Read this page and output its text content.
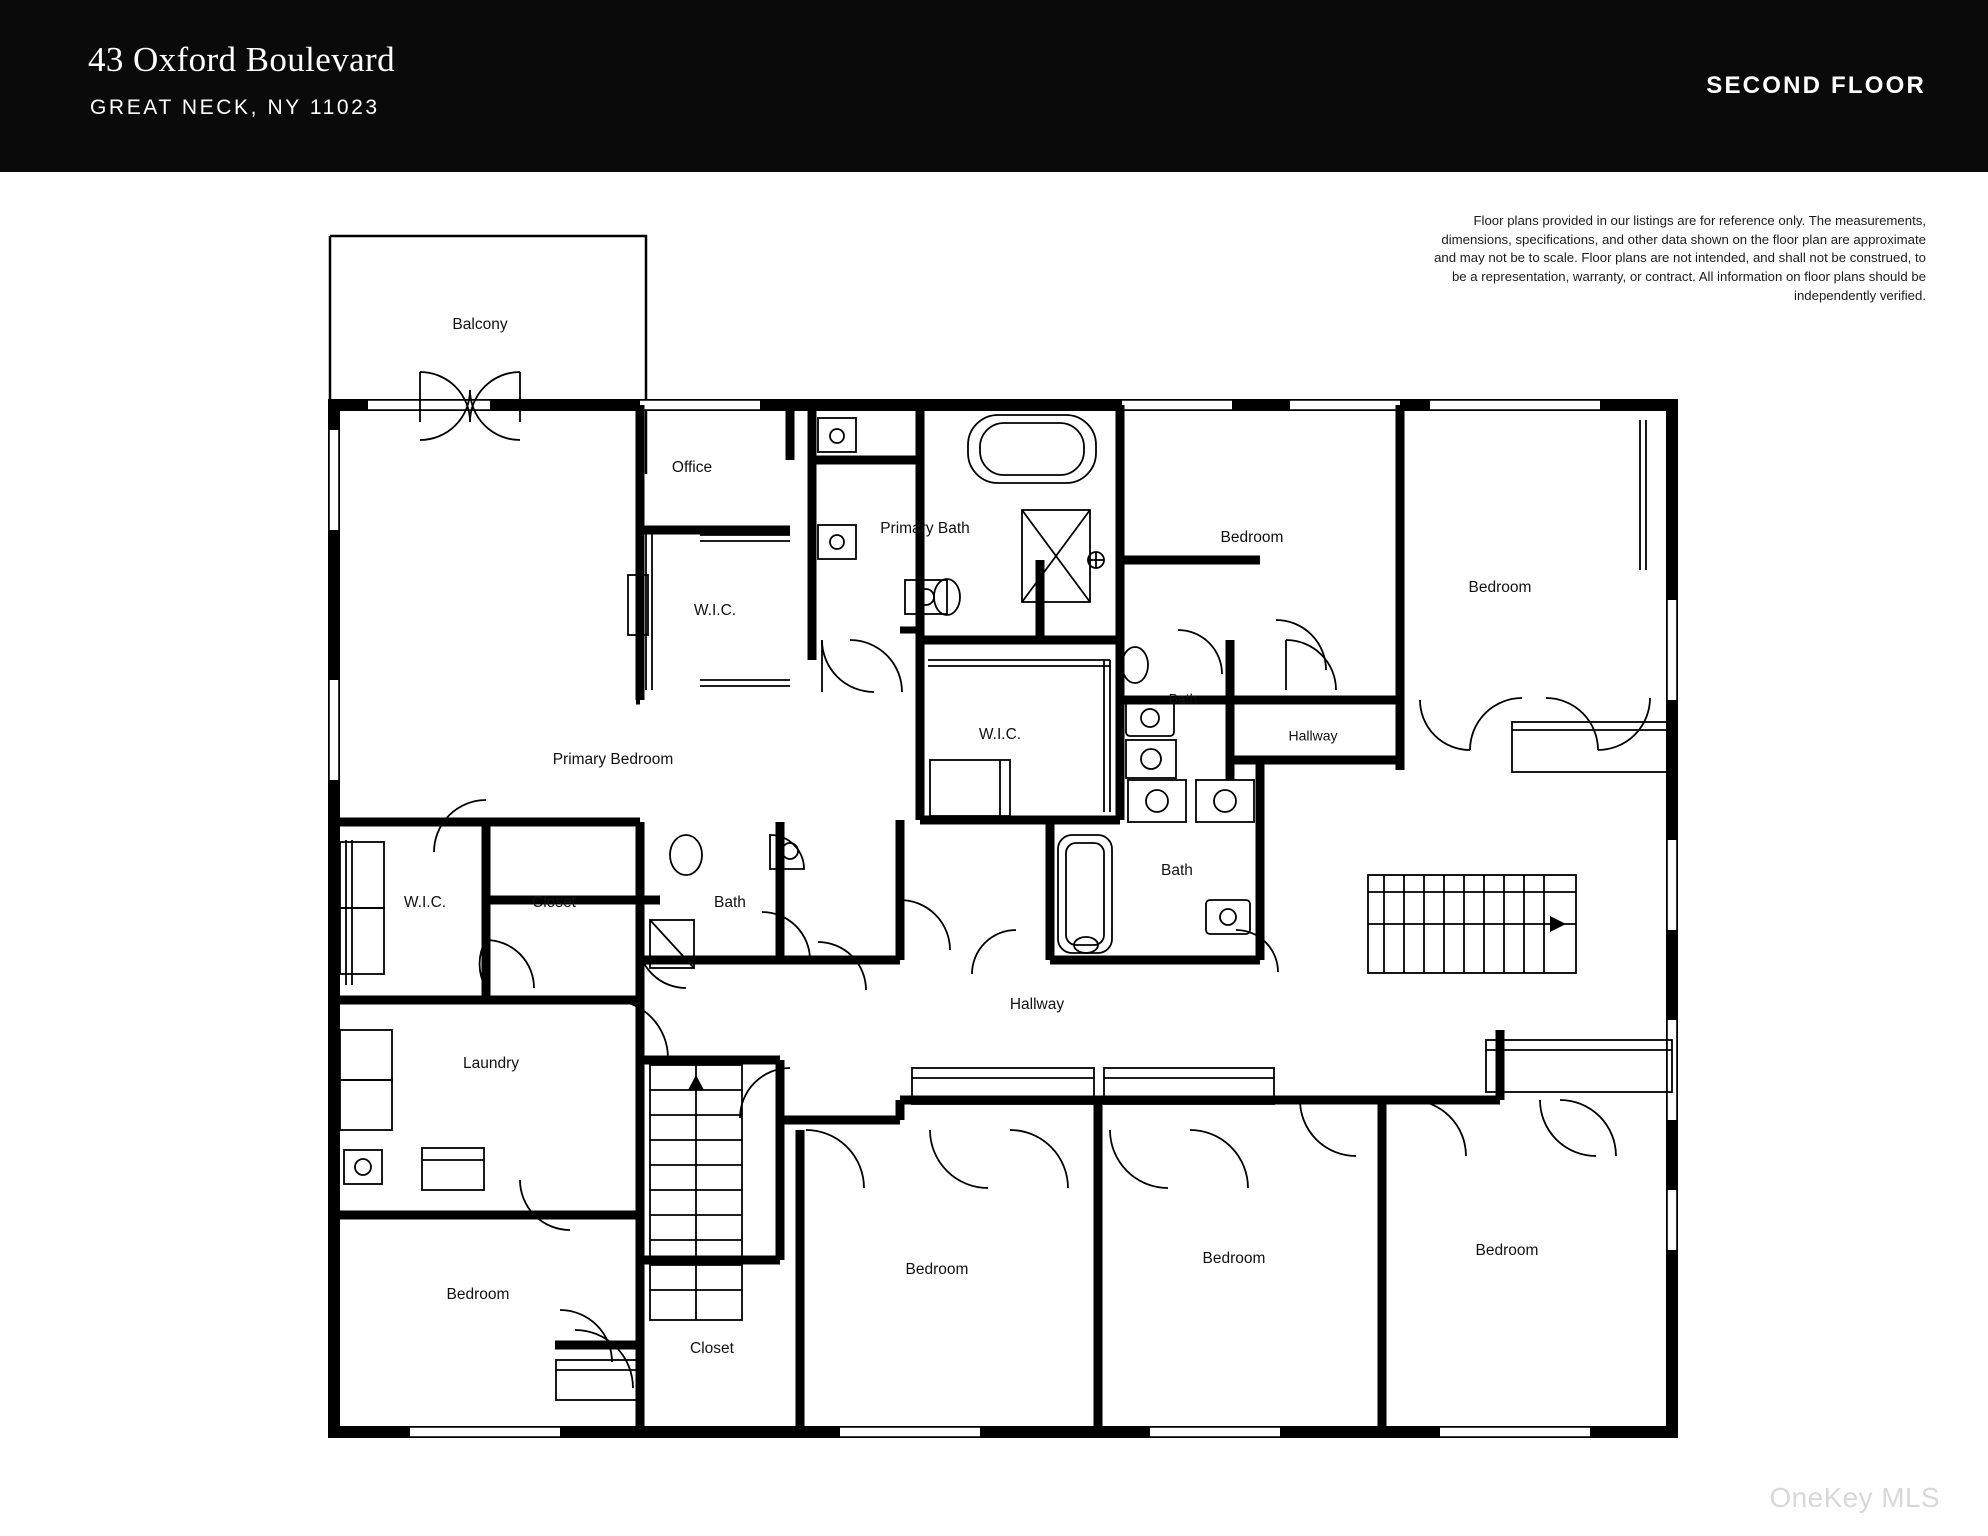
43 Oxford Boulevard
GREAT NECK, NY 11023
SECOND FLOOR
Floor plans provided in our listings are for reference only. The measurements, dimensions, specifications, and other data shown on the floor plan are approximate and may not be to scale. Floor plans are not intended, and shall not be construed, to be a representation, warranty, or contract. All information on floor plans should be independently verified.
Balcony
Office
Primary Bath
W.I.C.
Bedroom
Bedroom
Primary Bedroom
W.I.C.
Bath
Hallway
W.I.C.	Closet	Bath
Bath
Hallway
Laundry
Bedroom
Closet
Bedroom
Bedroom	Bedroom
OneKey MLS
